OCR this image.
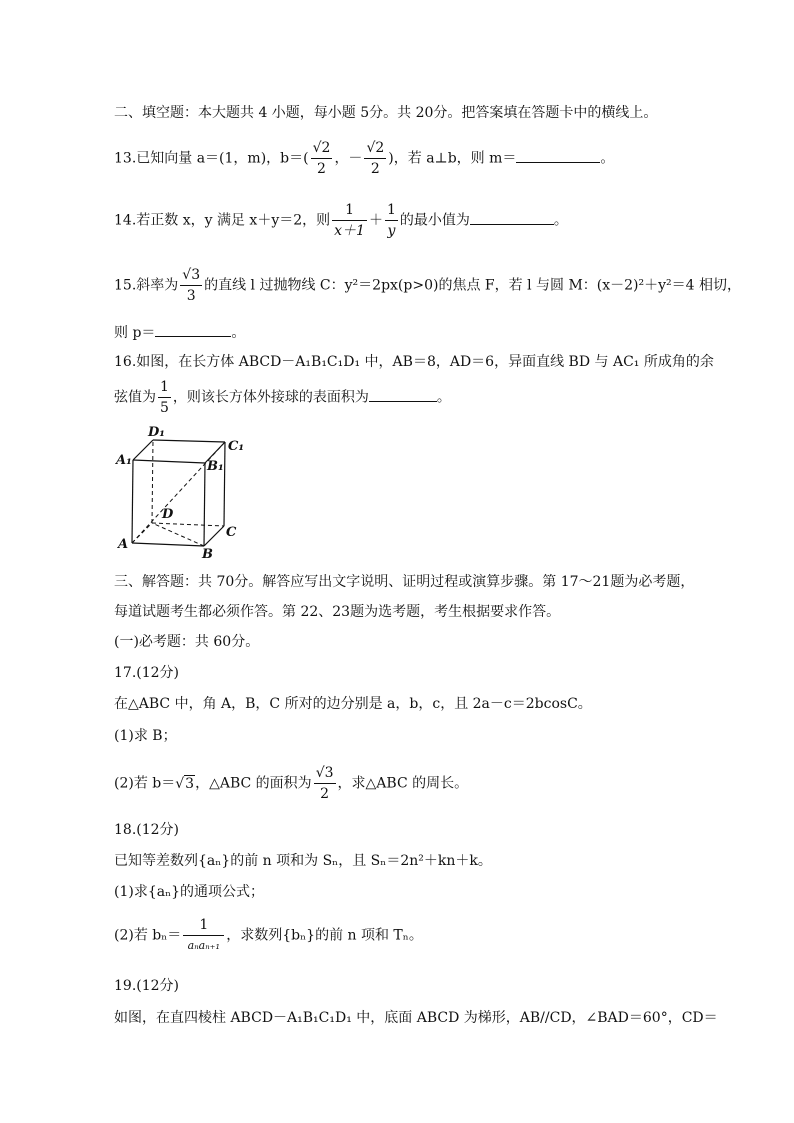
二、填空题：本大题共 4 小题，每小题 5分。共 20分。把答案填在答题卡中的横线上。
13.已知向量 a＝(1，m)，$b=( \frac{√2}{2}$ ，－ $\frac{√2}{2}$ )，若 a⊥b，则 m＝	。
14.若正数 x，y 满足 x＋y＝2，则 $\frac{1}{x+1} + \frac{1}{y}$ 的最小值为	。
15.斜率为 $\frac{√3}{3}$ 的直线 l 过抛物线 C：y²＝2px(p>0)的焦点 F，若 l 与圆 M：(x－2)²＋y²＝4 相切，
则 p＝	。
16.如图，在长方体 ABCD－A₁B₁C₁D₁ 中，AB＝8，AD＝6，异面直线 BD 与 AC₁ 所成角的余
弦值为 $\frac{1}{5}$ ，则该长方体外接球的表面积为	。
D₁
C₁
A₁	B₁
D
C
A
B
三、解答题：共 70分。解答应写出文字说明、证明过程或演算步骤。第 17～21题为必考题，
每道试题考生都必须作答。第 22、23题为选考题，考生根据要求作答。
(一)必考题：共 60分。
17.(12分)
在△ABC 中，角 A，B，C 所对的边分别是 a，b，c，且 2a－c＝2bcosC。
(1)求 B；
(2)若 b＝√3，△ABC 的面积为 $\frac{√3}{2}$ ，求△ABC 的周长。
18.(12分)
已知等差数列{aₙ}的前 n 项和为 Sₙ，且 Sₙ＝2n²＋kn＋k。
(1)求{aₙ}的通项公式；
(2)若 $b_n= \frac{1}{\text{aₙaₙ₊₁}}$ ，求数列{bₙ}的前 n 项和 Tₙ。
19.(12分)
如图，在直四棱柱 ABCD－A₁B₁C₁D₁ 中，底面 ABCD 为梯形，AB//CD，∠BAD＝60°，CD＝
